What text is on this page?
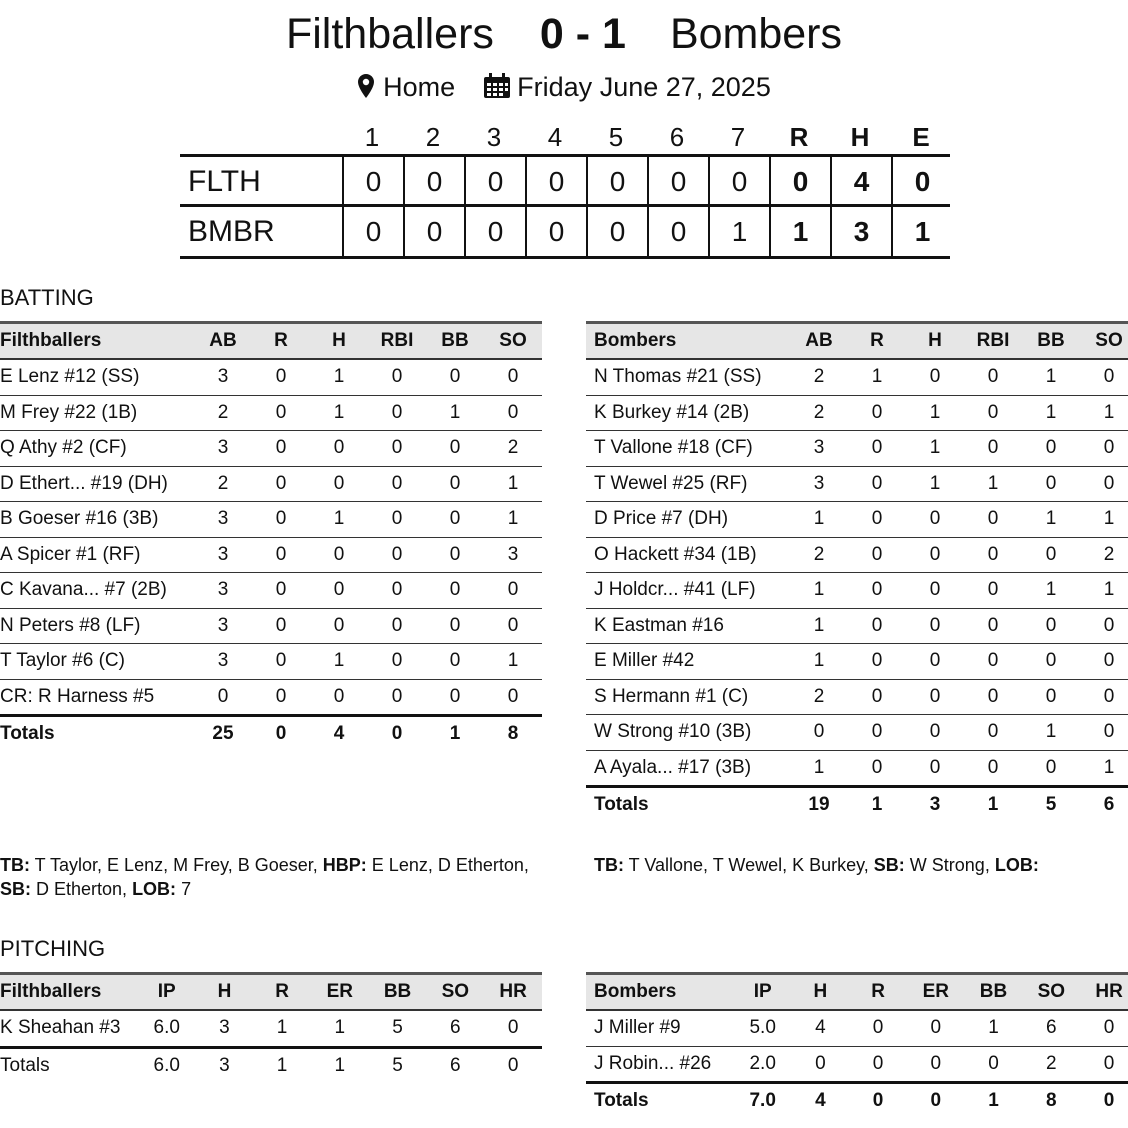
Filthballers 0 - 1 Bombers
Home Friday June 27, 2025
1	2	3	4	5	6	7	R	H	E
FLTH	0	0	0	0	0	0	0	0	4	0
BMBR	0	0	0	0	0	0	1	1	3	1
BATTING
Filthballers	AB	R	H	RBI	BB	SO
E Lenz #12 (SS)	3	0	1	0	0	0
M Frey #22 (1B)	2	0	1	0	1	0
Q Athy #2 (CF)	3	0	0	0	0	2
D Ethert... #19 (DH)	2	0	0	0	0	1
B Goeser #16 (3B)	3	0	1	0	0	1
A Spicer #1 (RF)	3	0	0	0	0	3
C Kavana... #7 (2B)	3	0	0	0	0	0
N Peters #8 (LF)	3	0	0	0	0	0
T Taylor #6 (C)	3	0	1	0	0	1
CR: R Harness #5	0	0	0	0	0	0
Totals	25	0	4	0	1	8
Bombers	AB	R	H	RBI	BB	SO
N Thomas #21 (SS)	2	1	0	0	1	0
K Burkey #14 (2B)	2	0	1	0	1	1
T Vallone #18 (CF)	3	0	1	0	0	0
T Wewel #25 (RF)	3	0	1	1	0	0
D Price #7 (DH)	1	0	0	0	1	1
O Hackett #34 (1B)	2	0	0	0	0	2
J Holdcr... #41 (LF)	1	0	0	0	1	1
K Eastman #16	1	0	0	0	0	0
E Miller #42	1	0	0	0	0	0
S Hermann #1 (C)	2	0	0	0	0	0
W Strong #10 (3B)	0	0	0	0	1	0
A Ayala... #17 (3B)	1	0	0	0	0	1
Totals	19	1	3	1	5	6
TB: T Taylor, E Lenz, M Frey, B Goeser, HBP: E Lenz, D Etherton, SB: D Etherton, LOB: 7
TB: T Vallone, T Wewel, K Burkey, SB: W Strong, LOB:
PITCHING
Filthballers	IP	H	R	ER	BB	SO	HR
K Sheahan #3	6.0	3	1	1	5	6	0
Totals	6.0	3	1	1	5	6	0
Bombers	IP	H	R	ER	BB	SO	HR
J Miller #9	5.0	4	0	0	1	6	0
J Robin... #26	2.0	0	0	0	0	2	0
Totals	7.0	4	0	0	1	8	0
